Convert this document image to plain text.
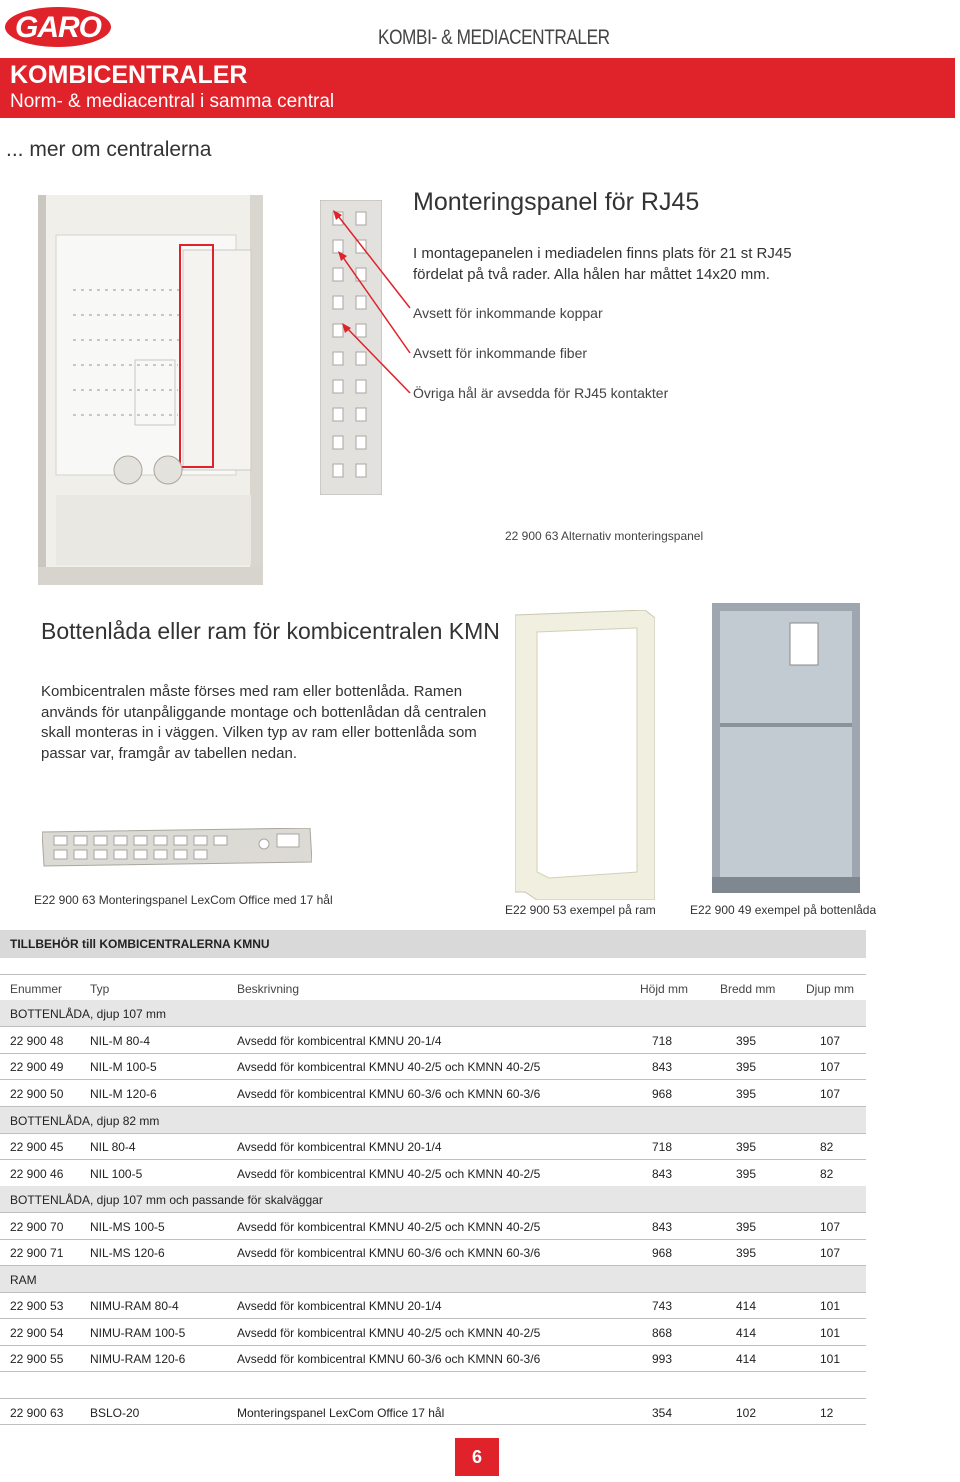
GARO	KOMBI- & MEDIACENTRALER
KOMBICENTRALER
Norm- & mediacentral i samma central
... mer om centralerna
Monteringspanel för RJ45
I montagepanelen i mediadelen finns plats för 21 st RJ45
fördelat på två rader. Alla hålen har måttet 14x20 mm.
Avsett för inkommande koppar
Avsett för inkommande fiber
Övriga hål är avsedda för RJ45 kontakter
22 900 63 Alternativ monteringspanel
Bottenlåda eller ram för kombicentralen KMN
Kombicentralen måste förses med ram eller bottenlåda. Ramen används för utanpåliggande montage och bottenlådan då centralen skall monteras in i väggen. Vilken typ av ram eller bottenlåda som passar var, framgår av tabellen nedan.
E22 900 63 Monteringspanel LexCom Office med 17 hål
E22 900 53 exempel på ram	E22 900 49 exempel på bottenlåda
TILLBEHÖR till KOMBICENTRALERNA KMNU
Enummer Typ	Beskrivning	Höjd mm	Bredd mm	Djup mm
BOTTENLÅDA, djup 107 mm
22 900 48 NIL-M 80-4	Avsedd för kombicentral KMNU 20-1/4	718	395	107
22 900 49 NIL-M 100-5	Avsedd för kombicentral KMNU 40-2/5 och KMNN 40-2/5	843	395	107
22 900 50 NIL-M 120-6	Avsedd för kombicentral KMNU 60-3/6 och KMNN 60-3/6	968	395	107
BOTTENLÅDA, djup 82 mm
22 900 45 NIL 80-4	Avsedd för kombicentral KMNU 20-1/4	718	395	82
22 900 46 NIL 100-5	Avsedd för kombicentral KMNU 40-2/5 och KMNN 40-2/5	843	395	82
BOTTENLÅDA, djup 107 mm och passande för skalväggar
22 900 70 NIL-MS 100-5	Avsedd för kombicentral KMNU 40-2/5 och KMNN 40-2/5	843	395	107
22 900 71 NIL-MS 120-6	Avsedd för kombicentral KMNU 60-3/6 och KMNN 60-3/6	968	395	107
RAM
22 900 53 NIMU-RAM 80-4	Avsedd för kombicentral KMNU 20-1/4	743	414	101
22 900 54 NIMU-RAM 100-5	Avsedd för kombicentral KMNU 40-2/5 och KMNN 40-2/5	868	414	101
22 900 55 NIMU-RAM 120-6	Avsedd för kombicentral KMNU 60-3/6 och KMNN 60-3/6	993	414	101
22 900 63 BSLO-20	Monteringspanel LexCom Office 17 hål	354	102	12
6
